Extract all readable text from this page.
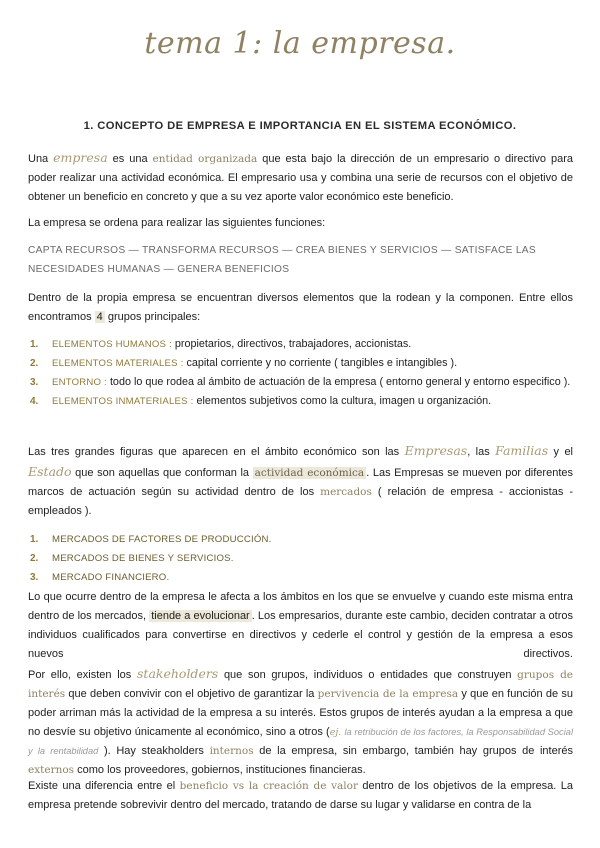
tema 1: la empresa.
1. CONCEPTO DE EMPRESA E IMPORTANCIA EN EL SISTEMA ECONÓMICO.
Una empresa es una entidad organizada que esta bajo la dirección de un empresario o directivo para poder realizar una actividad económica. El empresario usa y combina una serie de recursos con el objetivo de obtener un beneficio en concreto y que a su vez aporte valor económico este beneficio.
La empresa se ordena para realizar las siguientes funciones:
CAPTA RECURSOS — TRANSFORMA RECURSOS — CREA BIENES Y SERVICIOS — SATISFACE LAS NECESIDADES HUMANAS — GENERA BENEFICIOS
Dentro de la propia empresa se encuentran diversos elementos que la rodean y la componen. Entre ellos encontramos 4 grupos principales:
1.	ELEMENTOS HUMANOS : propietarios, directivos, trabajadores, accionistas.
2.	ELEMENTOS MATERIALES : capital corriente y no corriente ( tangibles e intangibles ).
3.	ENTORNO : todo lo que rodea al ámbito de actuación de la empresa ( entorno general y entorno especifico ).
4.	ELEMENTOS INMATERIALES : elementos subjetivos como la cultura, imagen u organización.
Las tres grandes figuras que aparecen en el ámbito económico son las Empresas, las Familias y el Estado que son aquellas que conforman la actividad económica . Las Empresas se mueven por diferentes marcos de actuación según su actividad dentro de los mercados ( relación de empresa - accionistas - empleados ).
1.	MERCADOS DE FACTORES DE PRODUCCIÓN.
2.	MERCADOS DE BIENES Y SERVICIOS.
3.	MERCADO FINANCIERO.
Lo que ocurre dentro de la empresa le afecta a los ámbitos en los que se envuelve y cuando este misma entra dentro de los mercados, tiende a evolucionar . Los empresarios, durante este cambio, deciden contratar a otros individuos cualificados para convertirse en directivos y cederle el control y gestión de la empresa a esos nuevos	directivos.

Por ello, existen los stakeholders que son grupos, individuos o entidades que construyen grupos de interés que deben convivir con el objetivo de garantizar la pervivencia de la empresa y que en función de su poder arriman más la actividad de la empresa a su interés. Estos grupos de interés ayudan a la empresa a que no desvíe su objetivo únicamente al económico, sino a otros (ej. la retribución de los factores, la Responsabilidad Social y la rentabilidad ). Hay steakholders internos de la empresa, sin embargo, también hay grupos de interés externos como los proveedores, gobiernos, instituciones financieras.
Existe una diferencia entre el beneficio vs la creación de valor dentro de los objetivos de la empresa. La empresa pretende sobrevivir dentro del mercado, tratando de darse su lugar y validarse en contra de la
